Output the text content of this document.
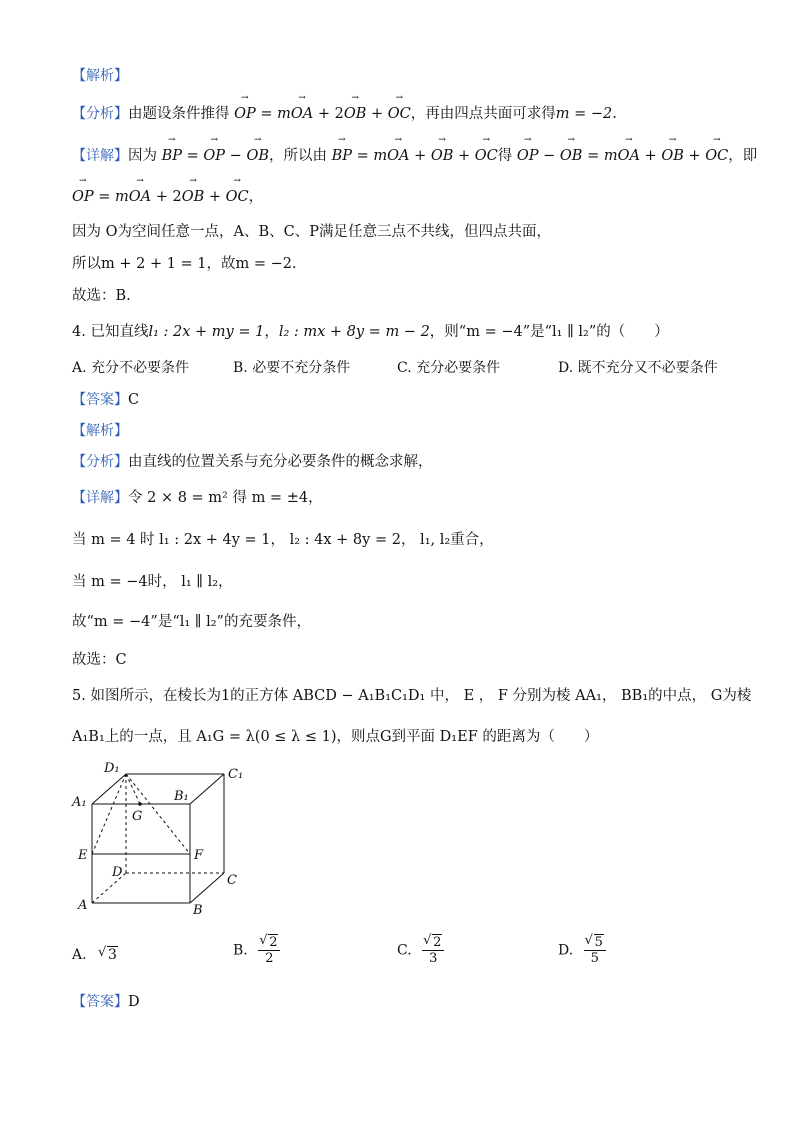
【解析】
【分析】由题设条件推得 → OP = m→ OA + 2→ OB + → OC，再由四点共面可求得m = −2.
【详解】因为 → BP = → OP − → OB，所以由 → BP = m→ OA + → OB + → OC得 → OP − → OB = m→ OA + → OB + → OC，即
→ OP = m→ OA + 2→ OB + → OC，
因为 O为空间任意一点，A、B、C、P满足任意三点不共线，但四点共面，
所以m + 2 + 1 = 1，故m = −2.
故选：B.
4. 已知直线l₁ : 2x + my = 1，l₂ : mx + 8y = m − 2，则“m = −4”是“l₁ ∥ l₂”的（　　）
A. 充分不必要条件	B. 必要不充分条件	C. 充分必要条件	D. 既不充分又不必要条件
【答案】C
【解析】
【分析】由直线的位置关系与充分必要条件的概念求解，
【详解】令 2 × 8 = m² 得 m = ±4，
当 m = 4 时 l₁ : 2x + 4y = 1， l₂ : 4x + 8y = 2， l₁, l₂重合，
当 m = −4时， l₁ ∥ l₂，
故“m = −4”是“l₁ ∥ l₂”的充要条件，
故选：C
5. 如图所示，在棱长为1的正方体 ABCD − A₁B₁C₁D₁ 中， E ， F 分别为棱 AA₁， BB₁的中点， G为棱
A₁B₁上的一点，且 A₁G = λ(0 ≤ λ ≤ 1)，则点G到平面 D₁EF 的距离为（　　）
D₁	C₁
A₁	B₁
G
E	F
D
C
A	B
A. √ 3	B. √ $\frac{2}{2}$	C. √ $\frac{2}{3}$	D. √ $\frac{5}{5}$
【答案】D
